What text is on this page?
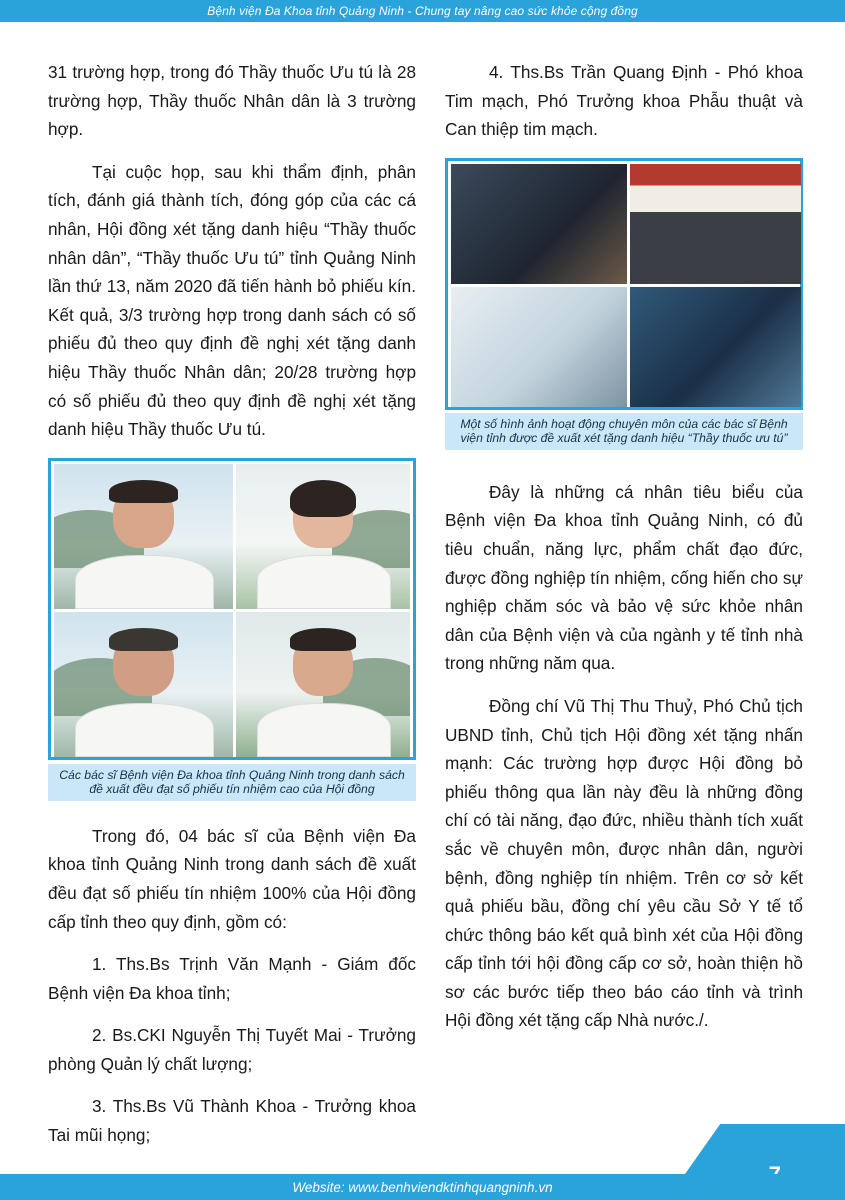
Bệnh viện Đa Khoa tỉnh Quảng Ninh - Chung tay nâng cao sức khỏe cộng đồng

31 trường hợp, trong đó Thầy thuốc Ưu tú là 28 trường hợp, Thầy thuốc Nhân dân là 3 trường hợp.

Tại cuộc họp, sau khi thẩm định, phân tích, đánh giá thành tích, đóng góp của các cá nhân, Hội đồng xét tặng danh hiệu “Thầy thuốc nhân dân”, “Thầy thuốc Ưu tú” tỉnh Quảng Ninh lần thứ 13, năm 2020 đã tiến hành bỏ phiếu kín. Kết quả, 3/3 trường hợp trong danh sách có số phiếu đủ theo quy định đề nghị xét tặng danh hiệu Thầy thuốc Nhân dân; 20/28 trường hợp có số phiếu đủ theo quy định đề nghị xét tặng danh hiệu Thầy thuốc Ưu tú.

Các bác sĩ Bệnh viện Đa khoa tỉnh Quảng Ninh trong danh sách đề xuất đều đạt số phiếu tín nhiệm cao của Hội đồng

Trong đó, 04 bác sĩ của Bệnh viện Đa khoa tỉnh Quảng Ninh trong danh sách đề xuất đều đạt số phiếu tín nhiệm 100% của Hội đồng cấp tỉnh theo quy định, gồm có:

1. Ths.Bs Trịnh Văn Mạnh - Giám đốc Bệnh viện Đa khoa tỉnh;

2. Bs.CKI Nguyễn Thị Tuyết Mai - Trưởng phòng Quản lý chất lượng;

3. Ths.Bs Vũ Thành Khoa - Trưởng khoa Tai mũi họng;

4. Ths.Bs Trần Quang Định - Phó khoa Tim mạch, Phó Trưởng khoa Phẫu thuật và Can thiệp tim mạch.

Một số hình ảnh hoạt động chuyên môn của các bác sĩ Bệnh viện tỉnh được đề xuất xét tặng danh hiệu “Thầy thuốc ưu tú”

Đây là những cá nhân tiêu biểu của Bệnh viện Đa khoa tỉnh Quảng Ninh, có đủ tiêu chuẩn, năng lực, phẩm chất đạo đức, được đồng nghiệp tín nhiệm, cống hiến cho sự nghiệp chăm sóc và bảo vệ sức khỏe nhân dân của Bệnh viện và của ngành y tế tỉnh nhà trong những năm qua.

Đồng chí Vũ Thị Thu Thuỷ, Phó Chủ tịch UBND tỉnh, Chủ tịch Hội đồng xét tặng nhấn mạnh: Các trường hợp được Hội đồng bỏ phiếu thông qua lần này đều là những đồng chí có tài năng, đạo đức, nhiều thành tích xuất sắc về chuyên môn, được nhân dân, người bệnh, đồng nghiệp tín nhiệm. Trên cơ sở kết quả phiếu bầu, đồng chí yêu cầu Sở Y tế tổ chức thông báo kết quả bình xét của Hội đồng cấp tỉnh tới hội đồng cấp cơ sở, hoàn thiện hồ sơ các bước tiếp theo báo cáo tỉnh và trình Hội đồng xét tặng cấp Nhà nước./.

Website: www.benhviendktinhquangninh.vn
